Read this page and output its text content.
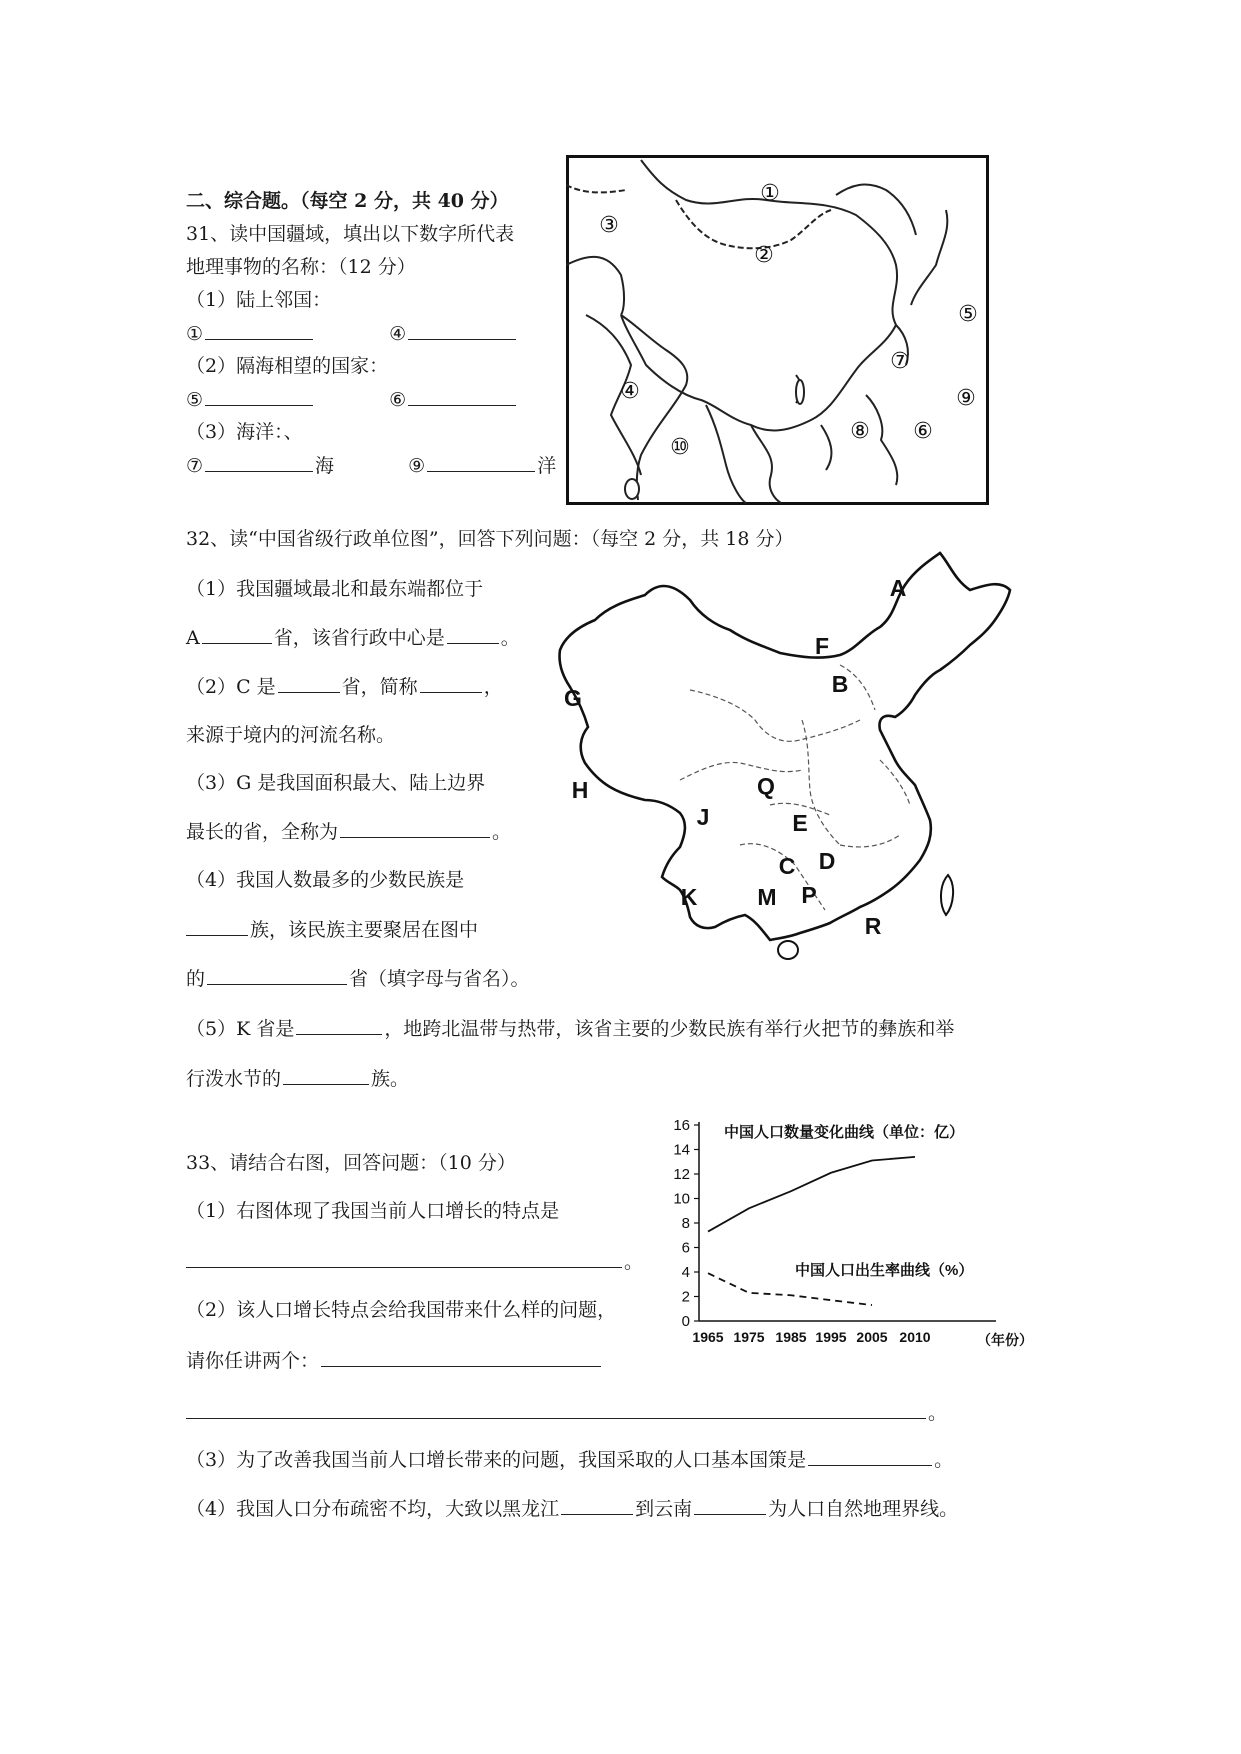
二、综合题。（每空 2 分，共 40 分）
31、读中国疆域，填出以下数字所代表
地理事物的名称：（12 分）
（1）陆上邻国：
①	④
（2）隔海相望的国家：
⑤	⑥
（3）海洋：、
⑦	海	⑨	洋
①
②
③
④
⑤
⑥
⑦
⑧
⑨
⑩
32、读“中国省级行政单位图”，回答下列问题：（每空 2 分，共 18 分）
（1）我国疆域最北和最东端都位于
A	省，该省行政中心是	。
（2）C 是	省，简称	，
来源于境内的河流名称。
（3）G 是我国面积最大、陆上边界
最长的省，全称为	。
（4）我国人数最多的少数民族是
族，该民族主要聚居在图中
的	省（填字母与省名）。
（5）K 省是	，地跨北温带与热带，该省主要的少数民族有举行火把节的彝族和举
行泼水节的	族。
A
B
C D
E
F
G
H
J
K	M P
Q
R
33、请结合右图，回答问题：（10 分）
（1）右图体现了我国当前人口增长的特点是
。
（2）该人口增长特点会给我国带来什么样的问题，
请你任讲两个：
。
（3）为了改善我国当前人口增长带来的问题，我国采取的人口基本国策是	。
（4）我国人口分布疏密不均，大致以黑龙江	到云南	为人口自然地理界线。
0
2
4
6
8
10
12
14
16
1965 1975 1985 1995 2005 2010
中国人口数量变化曲线（单位：亿）
中国人口出生率曲线（%）
（年份）
